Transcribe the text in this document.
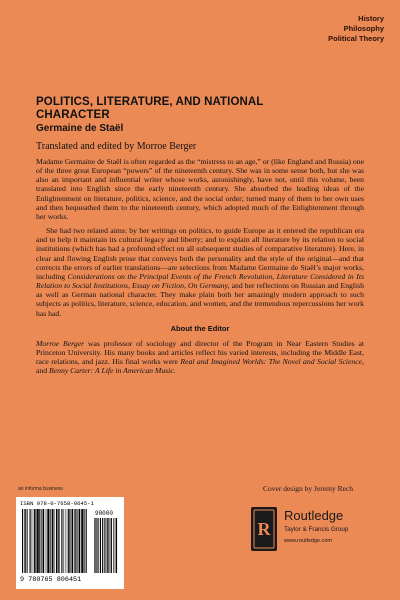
History
Philosophy
Political Theory
POLITICS, LITERATURE, AND NATIONAL
CHARACTER
Germaine de Staël
Translated and edited by Morroe Berger

Madame Germaine de Staël is often regarded as the “mistress to an age,” or (like England and Russia) one of the three great European “powers” of the nineteenth century. She was in some sense both, but she was also an important and influential writer whose works, astonishingly, have not, until this volume, been translated into English since the early nineteenth century. She absorbed the leading ideas of the Enlightenment on literature, politics, science, and the social order; turned many of them to her own uses and then bequeathed them to the nineteenth century, which adopted much of the Enlightenment through her works.

She had two related aims: by her writings on politics, to guide Europe as it entered the republican era and to help it maintain its cultural legacy and liberty; and to explain all literature by its relation to social institutions (which has had a profound effect on all subsequent studies of comparative literature). Here, in clear and flowing English prose that conveys both the personality and the style of the original—and that corrects the errors of earlier translations—are selections from Madame Germaine de Staël’s major works, including Considerations on the Principal Events of the French Revolution, Literature Considered in Its Relation to Social Institutions, Essay on Fiction, On Germany, and her reflections on Russian and English as well as German national character. They make plain both her amazingly modern approach to such subjects as politics, literature, science, education, and women, and the tremendous repercussions her work has had.

About the Editor

Morroe Berger was professor of sociology and director of the Program in Near Eastern Studies at Princeton University. His many books and articles reflect his varied interests, including the Middle East, race relations, and jazz. His final works were Real and Imagined Worlds: The Novel and Social Science, and Benny Carter: A Life in American Music.

an informa business
ISBN 978-0-7658-0645-1
90000
9 780765 806451
Cover design by Jeremy Rech
R
Routledge
Taylor & Francis Group
www.routledge.com
